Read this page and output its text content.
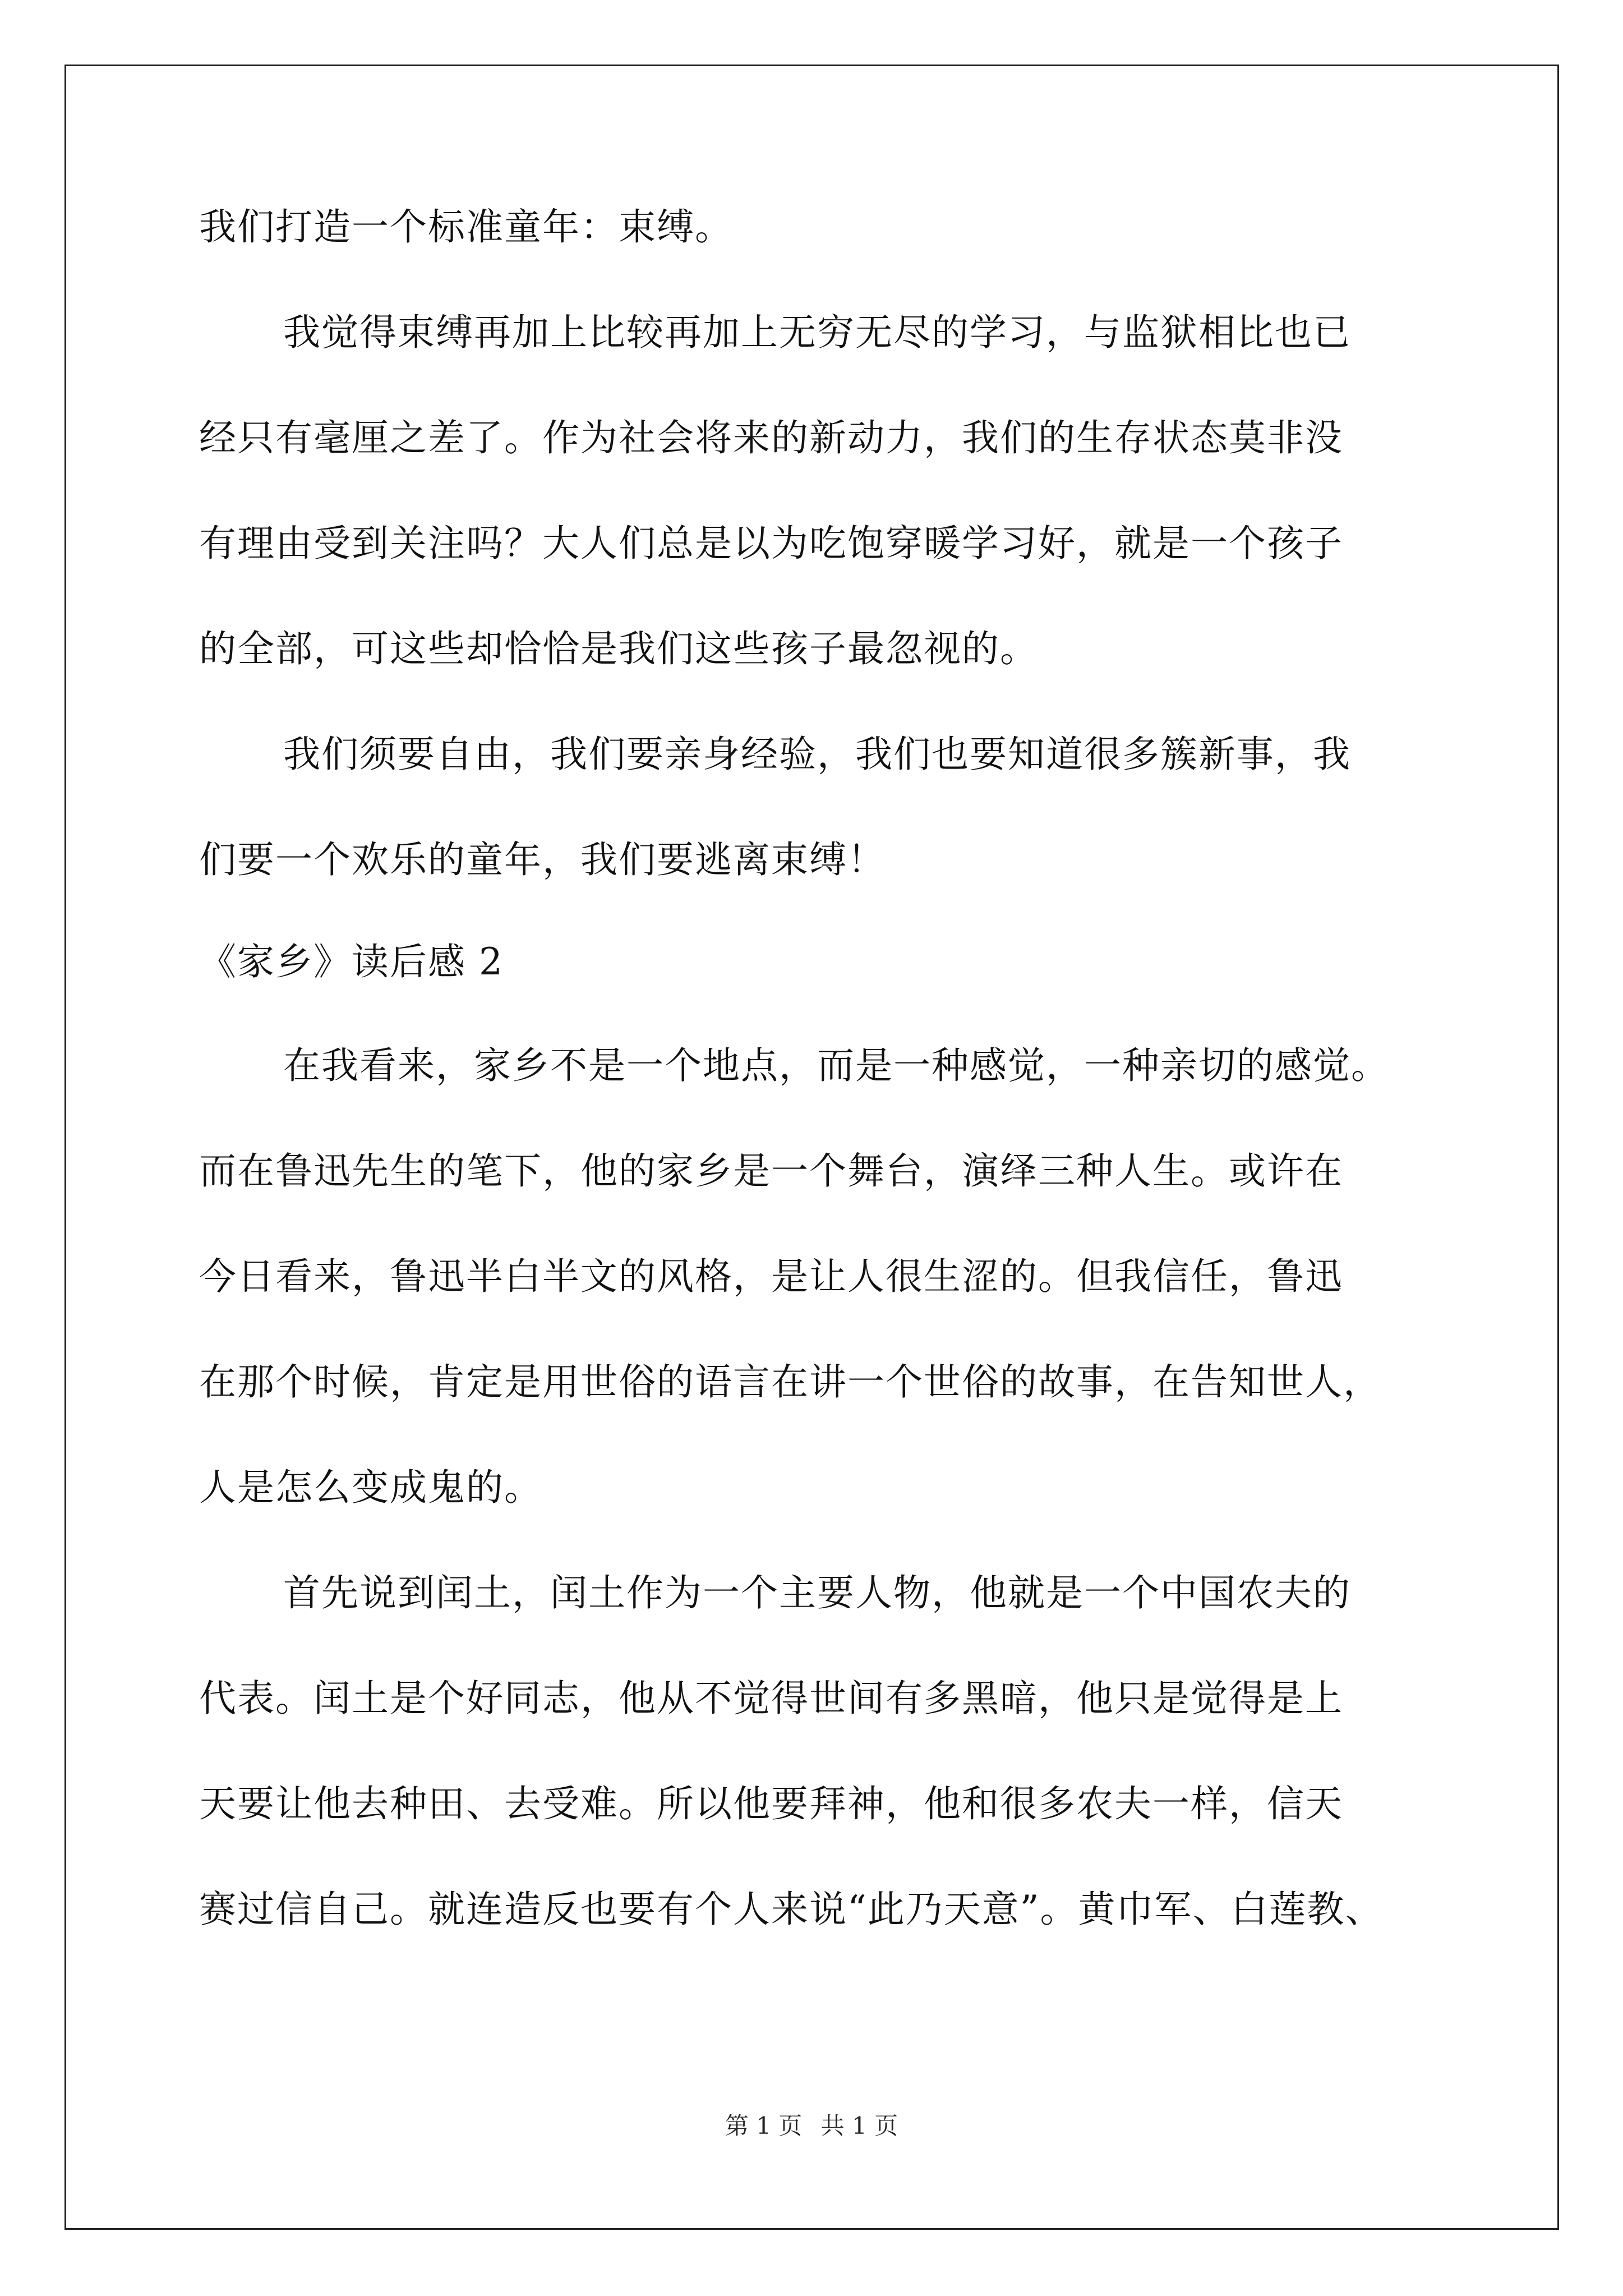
我们打造一个标准童年：束缚。
我觉得束缚再加上比较再加上无穷无尽的学习，与监狱相比也已
经只有毫厘之差了。作为社会将来的新动力，我们的生存状态莫非没
有理由受到关注吗？大人们总是以为吃饱穿暖学习好，就是一个孩子
的全部，可这些却恰恰是我们这些孩子最忽视的。
我们须要自由，我们要亲身经验，我们也要知道很多簇新事，我
们要一个欢乐的童年，我们要逃离束缚！
《家乡》读后感 2
在我看来，家乡不是一个地点，而是一种感觉，一种亲切的感觉。
而在鲁迅先生的笔下，他的家乡是一个舞台，演绎三种人生。或许在
今日看来，鲁迅半白半文的风格，是让人很生涩的。但我信任，鲁迅
在那个时候，肯定是用世俗的语言在讲一个世俗的故事，在告知世人，
人是怎么变成鬼的。
首先说到闰土，闰土作为一个主要人物，他就是一个中国农夫的
代表。闰土是个好同志，他从不觉得世间有多黑暗，他只是觉得是上
天要让他去种田、去受难。所以他要拜神，他和很多农夫一样，信天
赛过信自己。就连造反也要有个人来说“此乃天意”。黄巾军、白莲教、
第 1 页 共 1 页
